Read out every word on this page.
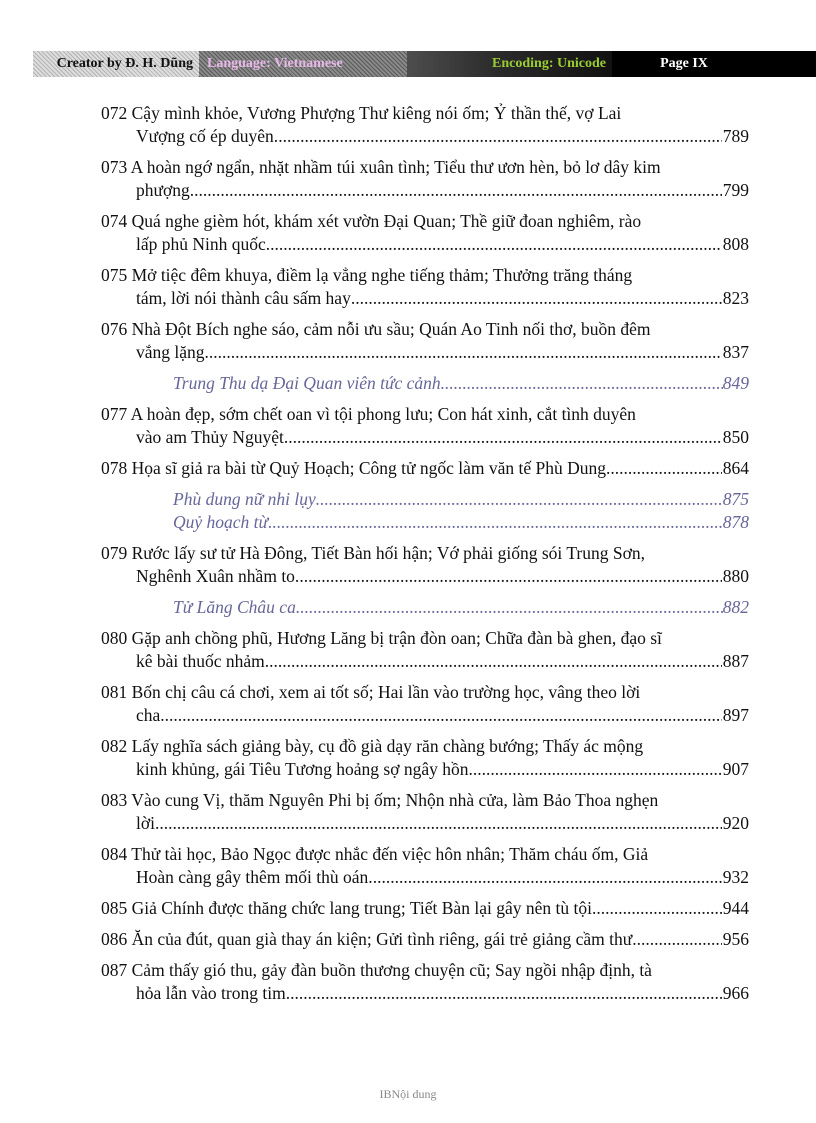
Creator by Đ. H. Dũng	Language: Vietnamese	Encoding: Unicode	Page IX
072 Cậy mình khỏe, Vương Phượng Thư kiêng nói ốm; Ỷ thần thế, vợ Lai
Vượng cố ép duyên. .....	789
073 A hoàn ngớ ngẩn, nhặt nhầm túi xuân tình; Tiểu thư ươn hèn, bỏ lơ dây kim
phượng .....	799
074 Quá nghe gièm hót, khám xét vườn Đại Quan; Thề giữ đoan nghiêm, rào
lấp phủ Ninh quốc. .....	808
075 Mở tiệc đêm khuya, điềm lạ vẳng nghe tiếng thảm; Thưởng trăng tháng
tám, lời nói thành câu sấm hay .....	823
076 Nhà Đột Bích nghe sáo, cảm nỗi ưu sầu; Quán Ao Tinh nối thơ, buồn đêm
vắng lặng. .....	837
Trung Thu dạ Đại Quan viên tức cảnh .....	849
077 A hoàn đẹp, sớm chết oan vì tội phong lưu; Con hát xinh, cắt tình duyên
vào am Thủy Nguyệt. .....	850
078 Họa sĩ giả ra bài từ Quỷ Hoạch; Công tử ngốc làm văn tế Phù Dung .....	864
Phù dung nữ nhi lụy .....	875
Quỷ hoạch từ .....	878
079 Rước lấy sư tử Hà Đông, Tiết Bàn hối hận; Vớ phải giống sói Trung Sơn,
Nghênh Xuân nhầm to. .....	880
Tử Lăng Châu ca .....	882
080 Gặp anh chồng phũ, Hương Lăng bị trận đòn oan; Chữa đàn bà ghen, đạo sĩ
kê bài thuốc nhảm. .....	887
081 Bốn chị câu cá chơi, xem ai tốt số; Hai lần vào trường học, vâng theo lời
cha. .....	897
082 Lấy nghĩa sách giảng bày, cụ đồ già dạy răn chàng bướng; Thấy ác mộng
kinh khủng, gái Tiêu Tương hoảng sợ ngây hồn. .....	907
083 Vào cung Vị, thăm Nguyên Phi bị ốm; Nhộn nhà cửa, làm Bảo Thoa nghẹn
lời. .....	920
084 Thử tài học, Bảo Ngọc được nhắc đến việc hôn nhân; Thăm cháu ốm, Giả
Hoàn càng gây thêm mối thù oán. .....	932
085 Giả Chính được thăng chức lang trung; Tiết Bàn lại gây nên tù tội .....	944
086 Ăn của đút, quan già thay án kiện; Gửi tình riêng, gái trẻ giảng cầm thư .....	956
087 Cảm thấy gió thu, gảy đàn buồn thương chuyện cũ; Say ngồi nhập định, tà
hỏa lẫn vào trong tim. .....	966
IBNội dung
